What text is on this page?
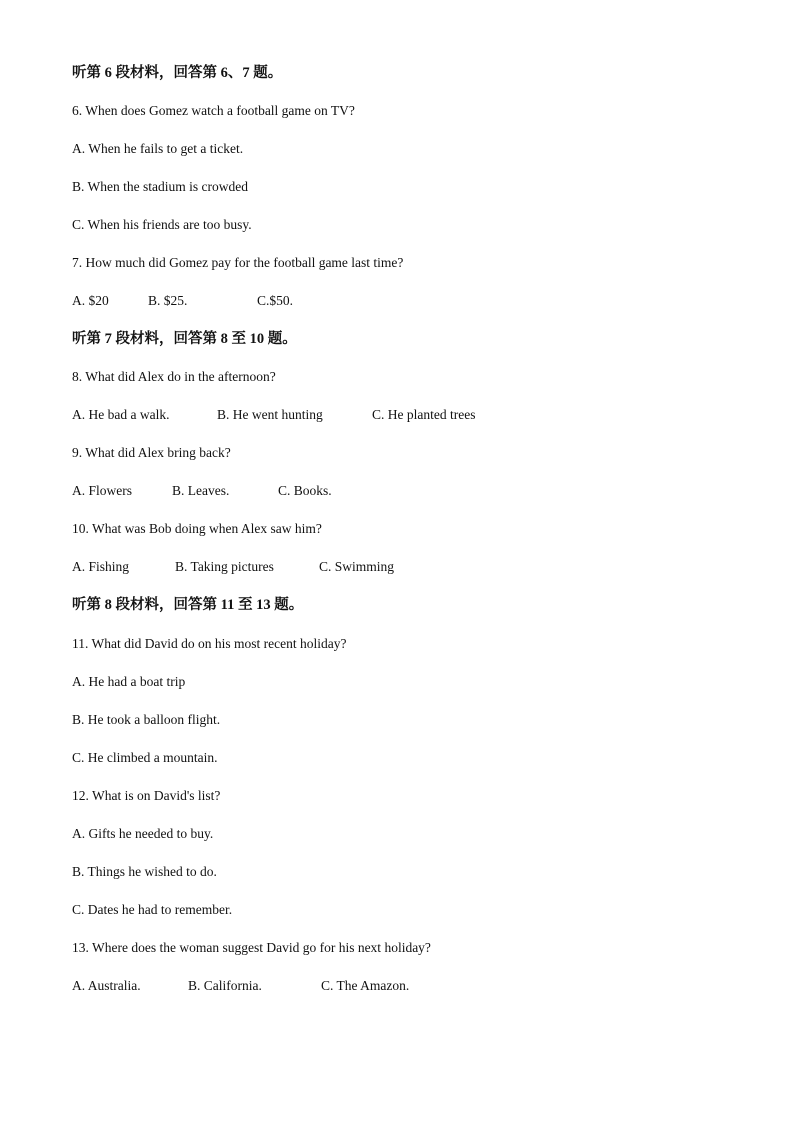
听第 6 段材料，回答第 6、7 题。
6. When does Gomez watch a football game on TV?
A. When he fails to get a ticket.
B. When the stadium is crowded
C. When his friends are too busy.
7. How much did Gomez pay for the football game last time?
A. $20	B. $25.	C.$50.
听第 7 段材料，回答第 8 至 10 题。
8. What did Alex do in the afternoon?
A. He bad a walk.	B. He went hunting	C. He planted trees
9. What did Alex bring back?
A. Flowers	B. Leaves.	C. Books.
10. What was Bob doing when Alex saw him?
A. Fishing	B. Taking pictures	C. Swimming
听第 8 段材料，回答第 11 至 13 题。
11. What did David do on his most recent holiday?
A. He had a boat trip
B. He took a balloon flight.
C. He climbed a mountain.
12. What is on David's list?
A. Gifts he needed to buy.
B. Things he wished to do.
C. Dates he had to remember.
13. Where does the woman suggest David go for his next holiday?
A. Australia.	B. California.	C. The Amazon.
